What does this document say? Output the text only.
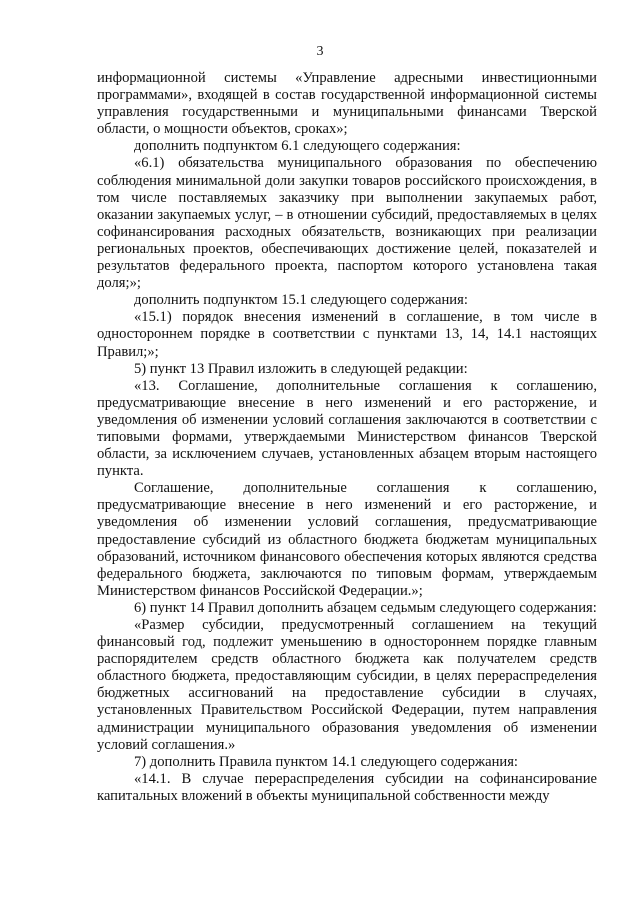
3

информационной системы «Управление адресными инвестиционными программами», входящей в состав государственной информационной системы управления государственными и муниципальными финансами Тверской области, о мощности объектов, сроках»;

дополнить подпунктом 6.1 следующего содержания:

«6.1) обязательства муниципального образования по обеспечению соблюдения минимальной доли закупки товаров российского происхождения, в том числе поставляемых заказчику при выполнении закупаемых работ, оказании закупаемых услуг, – в отношении субсидий, предоставляемых в целях софинансирования расходных обязательств, возникающих при реализации региональных проектов, обеспечивающих достижение целей, показателей и результатов федерального проекта, паспортом которого установлена такая доля;»;

дополнить подпунктом 15.1 следующего содержания:

«15.1) порядок внесения изменений в соглашение, в том числе в одностороннем порядке в соответствии с пунктами 13, 14, 14.1 настоящих Правил;»;

5) пункт 13 Правил изложить в следующей редакции:

«13. Соглашение, дополнительные соглашения к соглашению, предусматривающие внесение в него изменений и его расторжение, и уведомления об изменении условий соглашения заключаются в соответствии с типовыми формами, утверждаемыми Министерством финансов Тверской области, за исключением случаев, установленных абзацем вторым настоящего пункта.

Соглашение, дополнительные соглашения к соглашению, предусматривающие внесение в него изменений и его расторжение, и уведомления об изменении условий соглашения, предусматривающие предоставление субсидий из областного бюджета бюджетам муниципальных образований, источником финансового обеспечения которых являются средства федерального бюджета, заключаются по типовым формам, утверждаемым Министерством финансов Российской Федерации.»;

6) пункт 14 Правил дополнить абзацем седьмым следующего содержания:

«Размер субсидии, предусмотренный соглашением на текущий финансовый год, подлежит уменьшению в одностороннем порядке главным распорядителем средств областного бюджета как получателем средств областного бюджета, предоставляющим субсидии, в целях перераспределения бюджетных ассигнований на предоставление субсидии в случаях, установленных Правительством Российской Федерации, путем направления администрации муниципального образования уведомления об изменении условий соглашения.»

7) дополнить Правила пунктом 14.1 следующего содержания:

«14.1. В случае перераспределения субсидии на софинансирование капитальных вложений в объекты муниципальной собственности между
